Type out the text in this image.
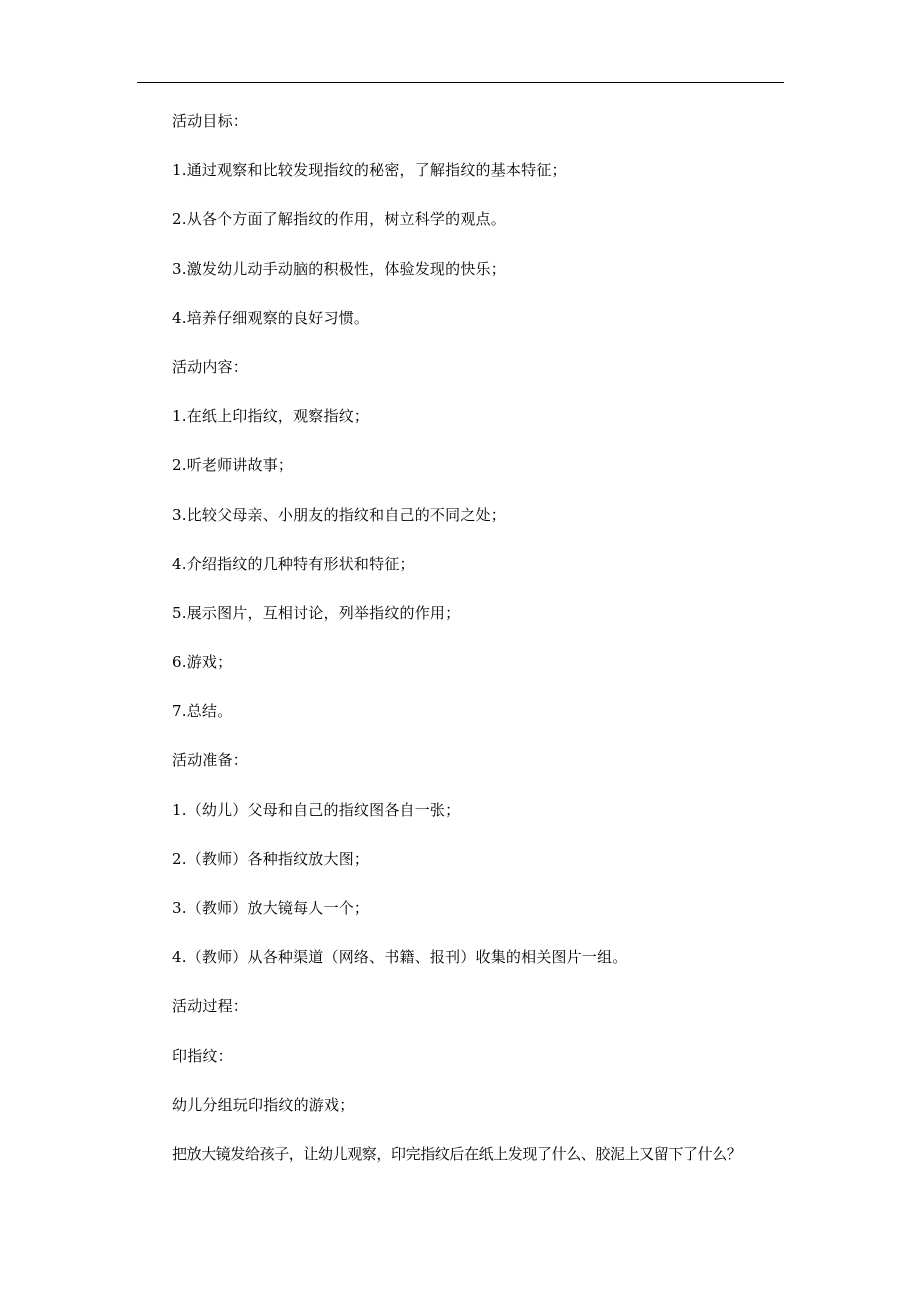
活动目标：
1.通过观察和比较发现指纹的秘密，了解指纹的基本特征；
2.从各个方面了解指纹的作用，树立科学的观点。
3.激发幼儿动手动脑的积极性，体验发现的快乐；
4.培养仔细观察的良好习惯。
活动内容：
1.在纸上印指纹，观察指纹；
2.听老师讲故事；
3.比较父母亲、小朋友的指纹和自己的不同之处；
4.介绍指纹的几种特有形状和特征；
5.展示图片，互相讨论，列举指纹的作用；
6.游戏；
7.总结。
活动准备：
1.（幼儿）父母和自己的指纹图各自一张；
2.（教师）各种指纹放大图；
3.（教师）放大镜每人一个；
4.（教师）从各种渠道（网络、书籍、报刊）收集的相关图片一组。
活动过程：
印指纹：
幼儿分组玩印指纹的游戏；
把放大镜发给孩子，让幼儿观察，印完指纹后在纸上发现了什么、胶泥上又留下了什么？
